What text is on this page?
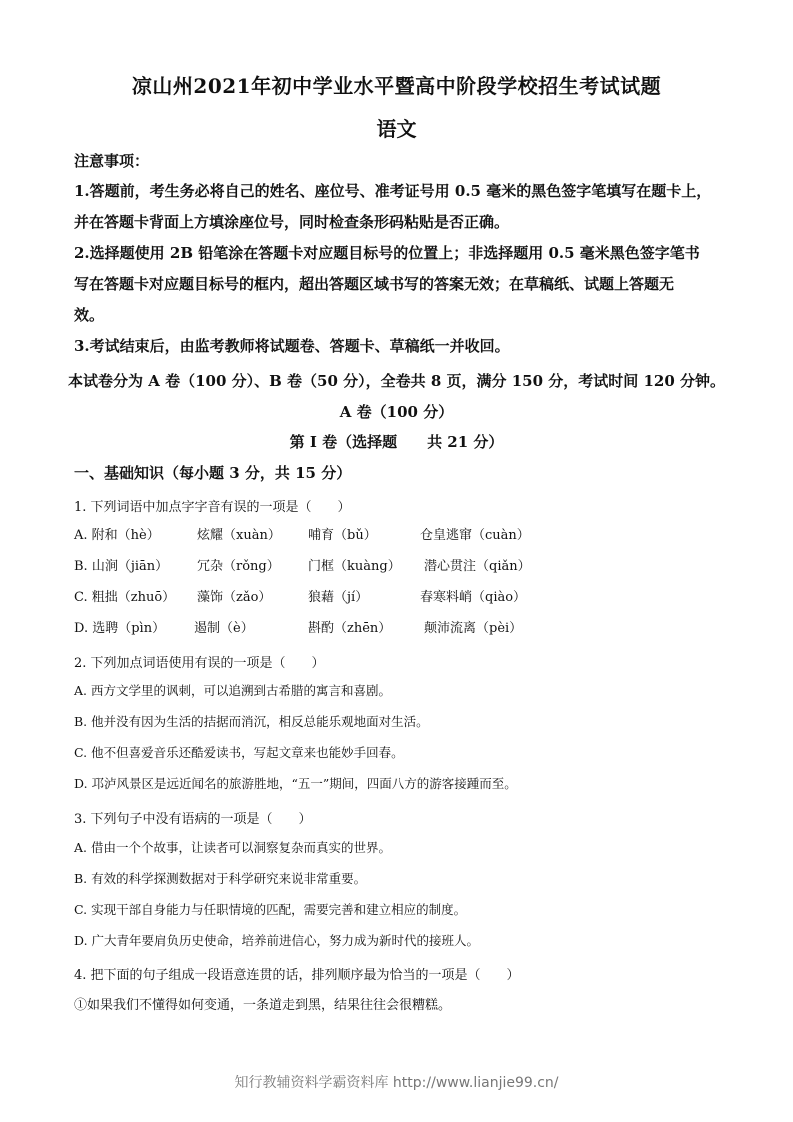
凉山州2021年初中学业水平暨高中阶段学校招生考试试题
语文
注意事项：
1.答题前，考生务必将自己的姓名、座位号、准考证号用 0.5 毫米的黑色签字笔填写在题卡上，
并在答题卡背面上方填涂座位号，同时检查条形码粘贴是否正确。
2.选择题使用 2B 铅笔涂在答题卡对应题目标号的位置上；非选择题用 0.5 毫米黑色签字笔书
写在答题卡对应题目标号的框内，超出答题区域书写的答案无效；在草稿纸、试题上答题无
效。
3.考试结束后，由监考教师将试题卷、答题卡、草稿纸一并收回。
本试卷分为 A 卷（100 分）、B 卷（50 分），全卷共 8 页，满分 150 分，考试时间 120 分钟。
A 卷（100 分）
第 I 卷（选择题　　共 21 分）
一、基础知识（每小题 3 分，共 15 分）
1. 下列词语中加点字字音有误的一项是（　　）
A. 附和（hè）	炫耀（xuàn） 哺育（bǔ）	仓皇逃窜（cuàn）
B. 山涧（jiān） 冗杂（rǒng） 门框（kuàng） 潜心贯注（qiǎn）
C. 粗拙（zhuō） 藻饰（zǎo）	狼藉（jí）	春寒料峭（qiào）
D. 选聘（pìn） 遏制（è）	斟酌（zhēn）	颠沛流离（pèi）
2. 下列加点词语使用有误的一项是（　　）
A. 西方文学里的讽刺，可以追溯到古希腊的寓言和喜剧。
B. 他并没有因为生活的拮据而消沉，相反总能乐观地面对生活。
C. 他不但喜爱音乐还酷爱读书，写起文章来也能妙手回春。
D. 邛泸风景区是远近闻名的旅游胜地，“五一”期间，四面八方的游客接踵而至。
3. 下列句子中没有语病的一项是（　　）
A. 借由一个个故事，让读者可以洞察复杂而真实的世界。
B. 有效的科学探测数据对于科学研究来说非常重要。
C. 实现干部自身能力与任职情境的匹配，需要完善和建立相应的制度。
D. 广大青年要肩负历史使命，培养前进信心，努力成为新时代的接班人。
4. 把下面的句子组成一段语意连贯的话，排列顺序最为恰当的一项是（　　）
①如果我们不懂得如何变通，一条道走到黑，结果往往会很糟糕。
知行教辅资料学霸资料库 http://www.lianjie99.cn/
